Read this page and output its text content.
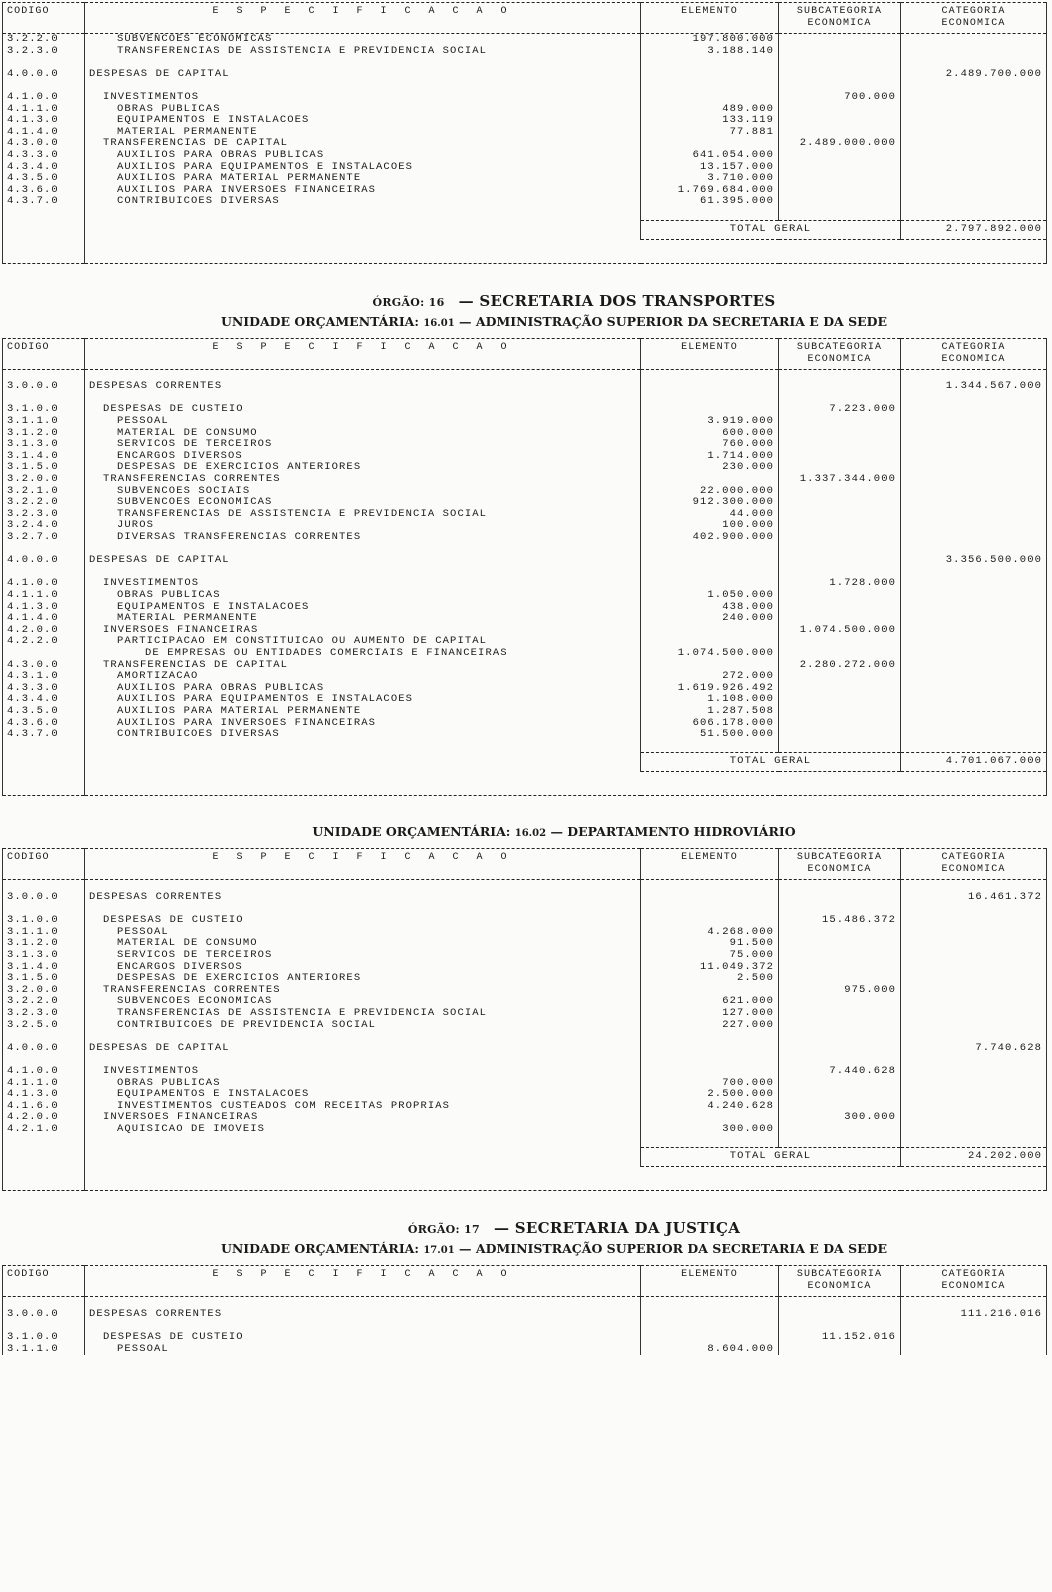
CODIGO	E S P E C I F I C A C A O	ELEMENTO	SUBCATEGORIA	CATEGORIA
			ECONOMICA	ECONOMICA
3.2.2.0	SUBVENCOES ECONOMICAS	197.800.000		
3.2.3.0	TRANSFERENCIAS DE ASSISTENCIA E PREVIDENCIA SOCIAL	3.188.140		

4.0.0.0	DESPESAS DE CAPITAL			2.489.700.000

4.1.0.0	INVESTIMENTOS		700.000	
4.1.1.0	OBRAS PUBLICAS	489.000		
4.1.3.0	EQUIPAMENTOS E INSTALACOES	133.119		
4.1.4.0	MATERIAL PERMANENTE	77.881		
4.3.0.0	TRANSFERENCIAS DE CAPITAL		2.489.000.000	
4.3.3.0	AUXILIOS PARA OBRAS PUBLICAS	641.054.000		
4.3.4.0	AUXILIOS PARA EQUIPAMENTOS E INSTALACOES	13.157.000		
4.3.5.0	AUXILIOS PARA MATERIAL PERMANENTE	3.710.000		
4.3.6.0	AUXILIOS PARA INVERSOES FINANCEIRAS	1.769.684.000		
4.3.7.0	CONTRIBUICOES DIVERSAS	61.395.000		

		TOTAL GERAL		2.797.892.000

ÓRGÃO: 16 — SECRETARIA DOS TRANSPORTES
UNIDADE ORÇAMENTÁRIA: 16.01 — ADMINISTRAÇÃO SUPERIOR DA SECRETARIA E DA SEDE
CODIGO	E S P E C I F I C A C A O	ELEMENTO	SUBCATEGORIA	CATEGORIA
			ECONOMICA	ECONOMICA

3.0.0.0	DESPESAS CORRENTES			1.344.567.000

3.1.0.0	DESPESAS DE CUSTEIO		7.223.000	
3.1.1.0	PESSOAL	3.919.000		
3.1.2.0	MATERIAL DE CONSUMO	600.000		
3.1.3.0	SERVICOS DE TERCEIROS	760.000		
3.1.4.0	ENCARGOS DIVERSOS	1.714.000		
3.1.5.0	DESPESAS DE EXERCICIOS ANTERIORES	230.000		
3.2.0.0	TRANSFERENCIAS CORRENTES		1.337.344.000	
3.2.1.0	SUBVENCOES SOCIAIS	22.000.000		
3.2.2.0	SUBVENCOES ECONOMICAS	912.300.000		
3.2.3.0	TRANSFERENCIAS DE ASSISTENCIA E PREVIDENCIA SOCIAL	44.000		
3.2.4.0	JUROS	100.000		
3.2.7.0	DIVERSAS TRANSFERENCIAS CORRENTES	402.900.000		

4.0.0.0	DESPESAS DE CAPITAL			3.356.500.000

4.1.0.0	INVESTIMENTOS		1.728.000	
4.1.1.0	OBRAS PUBLICAS	1.050.000		
4.1.3.0	EQUIPAMENTOS E INSTALACOES	438.000		
4.1.4.0	MATERIAL PERMANENTE	240.000		
4.2.0.0	INVERSOES FINANCEIRAS		1.074.500.000	
4.2.2.0	PARTICIPACAO EM CONSTITUICAO OU AUMENTO DE CAPITAL			
	DE EMPRESAS OU ENTIDADES COMERCIAIS E FINANCEIRAS	1.074.500.000		
4.3.0.0	TRANSFERENCIAS DE CAPITAL		2.280.272.000	
4.3.1.0	AMORTIZACAO	272.000		
4.3.3.0	AUXILIOS PARA OBRAS PUBLICAS	1.619.926.492		
4.3.4.0	AUXILIOS PARA EQUIPAMENTOS E INSTALACOES	1.108.000		
4.3.5.0	AUXILIOS PARA MATERIAL PERMANENTE	1.287.508		
4.3.6.0	AUXILIOS PARA INVERSOES FINANCEIRAS	606.178.000		
4.3.7.0	CONTRIBUICOES DIVERSAS	51.500.000		

		TOTAL GERAL		4.701.067.000

UNIDADE ORÇAMENTÁRIA: 16.02 — DEPARTAMENTO HIDROVIÁRIO
CODIGO	E S P E C I F I C A C A O	ELEMENTO	SUBCATEGORIA	CATEGORIA
			ECONOMICA	ECONOMICA

3.0.0.0	DESPESAS CORRENTES			16.461.372

3.1.0.0	DESPESAS DE CUSTEIO		15.486.372	
3.1.1.0	PESSOAL	4.268.000		
3.1.2.0	MATERIAL DE CONSUMO	91.500		
3.1.3.0	SERVICOS DE TERCEIROS	75.000		
3.1.4.0	ENCARGOS DIVERSOS	11.049.372		
3.1.5.0	DESPESAS DE EXERCICIOS ANTERIORES	2.500		
3.2.0.0	TRANSFERENCIAS CORRENTES		975.000	
3.2.2.0	SUBVENCOES ECONOMICAS	621.000		
3.2.3.0	TRANSFERENCIAS DE ASSISTENCIA E PREVIDENCIA SOCIAL	127.000		
3.2.5.0	CONTRIBUICOES DE PREVIDENCIA SOCIAL	227.000		

4.0.0.0	DESPESAS DE CAPITAL			7.740.628

4.1.0.0	INVESTIMENTOS		7.440.628	
4.1.1.0	OBRAS PUBLICAS	700.000		
4.1.3.0	EQUIPAMENTOS E INSTALACOES	2.500.000		
4.1.6.0	INVESTIMENTOS CUSTEADOS COM RECEITAS PROPRIAS	4.240.628		
4.2.0.0	INVERSOES FINANCEIRAS		300.000	
4.2.1.0	AQUISICAO DE IMOVEIS	300.000		

		TOTAL GERAL		24.202.000

ÓRGÃO: 17 — SECRETARIA DA JUSTIÇA
UNIDADE ORÇAMENTÁRIA: 17.01 — ADMINISTRAÇÃO SUPERIOR DA SECRETARIA E DA SEDE
CODIGO	E S P E C I F I C A C A O	ELEMENTO	SUBCATEGORIA	CATEGORIA
			ECONOMICA	ECONOMICA

3.0.0.0	DESPESAS CORRENTES			111.216.016

3.1.0.0	DESPESAS DE CUSTEIO		11.152.016	
3.1.1.0	PESSOAL	8.604.000		
